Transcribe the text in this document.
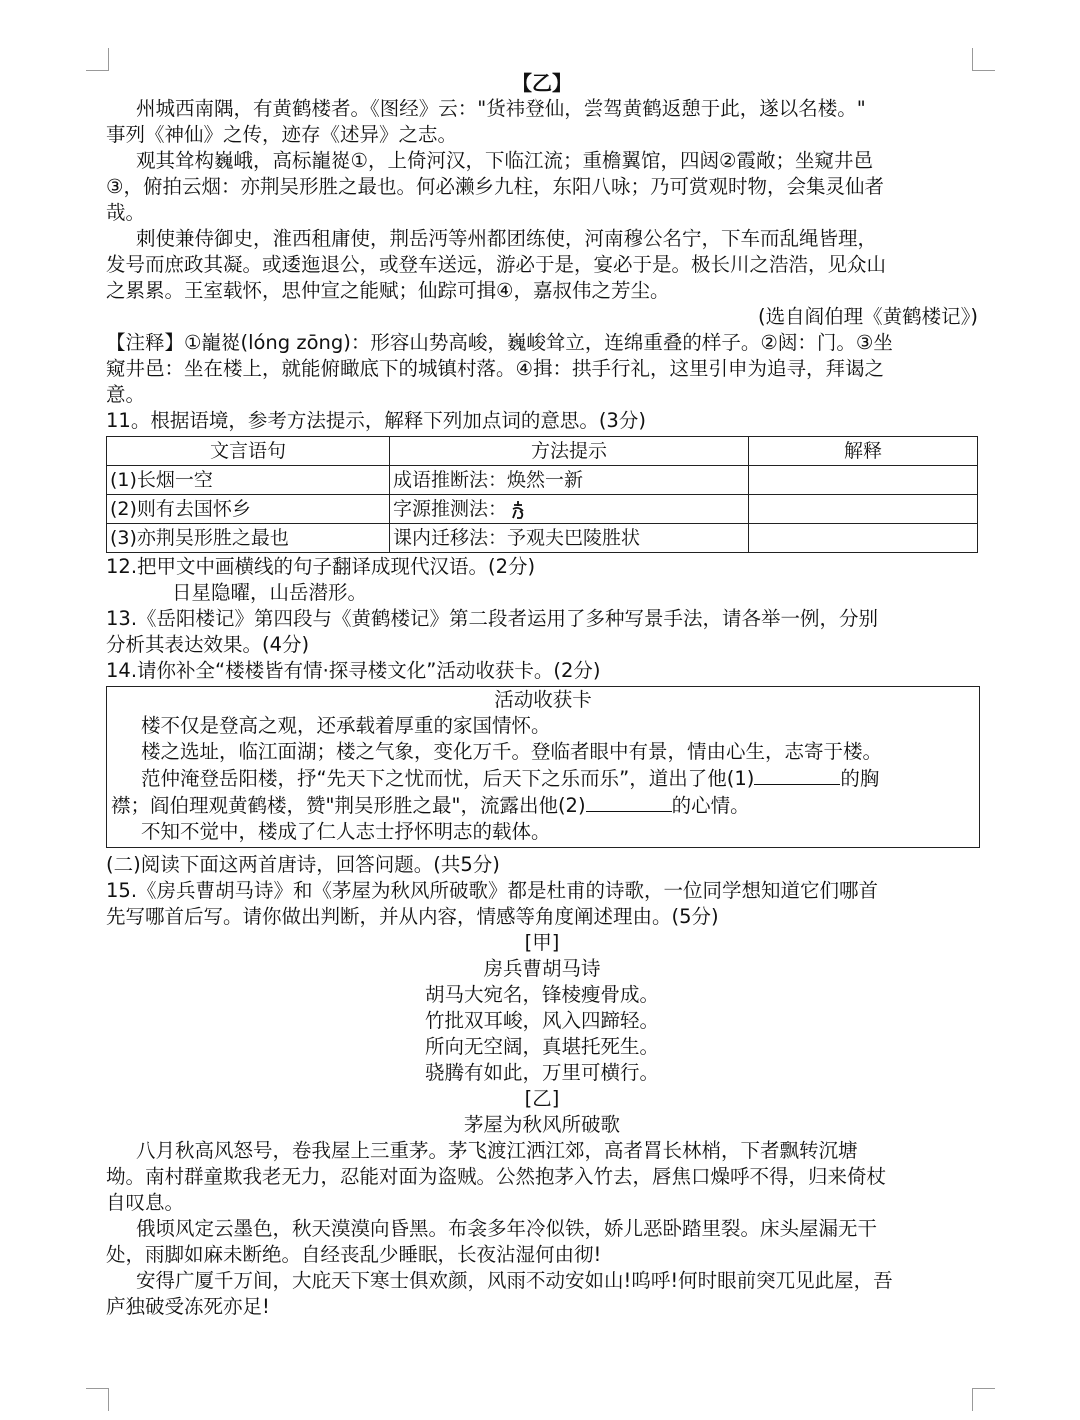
【乙】
州城西南隅，有黄鹤楼者。《图经》云："货祎登仙，尝驾黄鹤返憩于此，遂以名楼。"
事列《神仙》之传，迹存《述异》之志。
观其耸构巍峨，高标巃嵸①，上倚河汉，下临江流；重檐翼馆，四闼②霞敞；坐窥井邑
③，俯拍云烟：亦荆吴形胜之最也。何必濑乡九柱，东阳八咏；乃可赏观时物，会集灵仙者
哉。
刺使兼侍御史，淮西租庸使，荆岳沔等州都团练使，河南穆公名宁，下车而乱绳皆理，
发号而庶政其凝。或逶迤退公，或登车送远，游必于是，宴必于是。极长川之浩浩，见众山
之累累。王室载怀，思仲宣之能赋；仙踪可揖④，嘉叔伟之芳尘。
(选自阎伯理《黄鹤楼记》)
【注释】①巃嵸(lóng zōng)：形容山势高峻，巍峻耸立，连绵重叠的样子。②闼：门。③坐
窥井邑：坐在楼上，就能俯瞰底下的城镇村落。④揖：拱手行礼，这里引申为追寻，拜谒之
意。
11。根据语境，参考方法提示，解释下列加点词的意思。(3分)
文言语句	方法提示	解释
(1)长烟一空	成语推断法：焕然一新	
(2)则有去国怀乡	字源推测法：	
(3)亦荆吴形胜之最也	课内迁移法：予观夫巴陵胜状	
12.把甲文中画横线的句子翻译成现代汉语。(2分)
日星隐曜，山岳潜形。
13.《岳阳楼记》第四段与《黄鹤楼记》第二段者运用了多种写景手法，请各举一例，分别
分析其表达效果。(4分)
14.请你补全“楼楼皆有情·探寻楼文化”活动收获卡。(2分)
活动收获卡
楼不仅是登高之观，还承载着厚重的家国情怀。
楼之选址，临江面湖；楼之气象，变化万千。登临者眼中有景，情由心生，志寄于楼。
范仲淹登岳阳楼，抒“先天下之忧而忧，后天下之乐而乐”，道出了他(1)	的胸
襟；阎伯理观黄鹤楼，赞"荆吴形胜之最"，流露出他(2)	的心情。
不知不觉中，楼成了仁人志士抒怀明志的载体。
(二)阅读下面这两首唐诗，回答问题。(共5分)
15.《房兵曹胡马诗》和《茅屋为秋风所破歌》都是杜甫的诗歌，一位同学想知道它们哪首
先写哪首后写。请你做出判断，并从内容，情感等角度阐述理由。(5分)
[甲]
房兵曹胡马诗
胡马大宛名，锋棱瘦骨成。
竹批双耳峻，风入四蹄轻。
所向无空阔，真堪托死生。
骁腾有如此，万里可横行。
[乙]
茅屋为秋风所破歌
八月秋高风怒号，卷我屋上三重茅。茅飞渡江洒江郊，高者罥长林梢，下者飘转沉塘
坳。南村群童欺我老无力，忍能对面为盗贼。公然抱茅入竹去，唇焦口燥呼不得，归来倚杖
自叹息。
俄顷风定云墨色，秋天漠漠向昏黑。布衾多年冷似铁，娇儿恶卧踏里裂。床头屋漏无干
处，雨脚如麻未断绝。自经丧乱少睡眠，长夜沾湿何由彻!
安得广厦千万间，大庇天下寒士俱欢颜，风雨不动安如山!呜呼!何时眼前突兀见此屋，吾
庐独破受冻死亦足!
